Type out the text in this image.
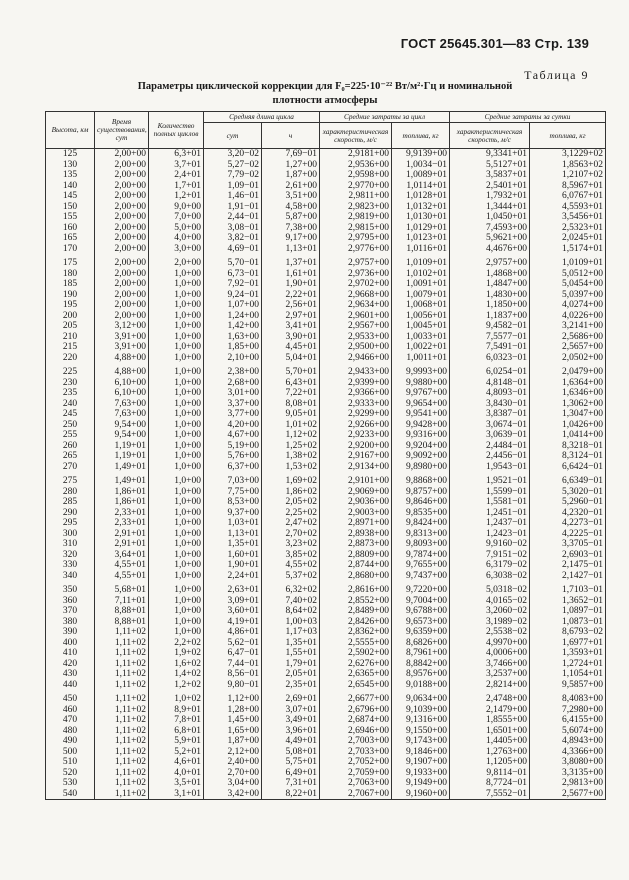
ГОСТ 25645.301—83 Стр. 139
Таблица 9
Параметры циклической коррекции для F₀=225·10⁻²² Вт/м²·Гц и номинальной
плотности атмосферы
Высота, км	Время существования, сут	Количество полных циклов	Средняя длина цикла		Средние затраты за цикл		Средние затраты за сутки	
			сут	ч	характеристическая скорость, м/с	топлива, кг	характеристическая скорость, м/с	топлива, кг
125	2,00+00	6,3+01	3,20−02	7,69−01	2,9181+00	9,9139+00	9,3341+01	3,1229+02
130	2,00+00	3,7+01	5,27−02	1,27+00	2,9536+00	1,0034−01	5,5127+01	1,8563+02
135	2,00+00	2,4+01	7,79−02	1,87+00	2,9598+00	1,0089+01	3,5837+01	1,2107+02
140	2,00+00	1,7+01	1,09−01	2,61+00	2,9770+00	1,0114+01	2,5401+01	8,5967+01
145	2,00+00	1,2+01	1,46−01	3,51+00	2,9811+00	1,0128+01	1,7932+01	6,0767+01
150	2,00+00	9,0+00	1,91−01	4,58+00	2,9823+00	1,0132+01	1,3444+01	4,5593+01
155	2,00+00	7,0+00	2,44−01	5,87+00	2,9819+00	1,0130+01	1,0450+01	3,5456+01
160	2,00+00	5,0+00	3,08−01	7,38+00	2,9815+00	1,0129+01	7,4593+00	2,5323+01
165	2,00+00	4,0+00	3,82−01	9,17+00	2,9795+00	1,0123+01	5,9621+00	2,0245+01
170	2,00+00	3,0+00	4,69−01	1,13+01	2,9776+00	1,0116+01	4,4676+00	1,5174+01
175	2,00+00	2,0+00	5,70−01	1,37+01	2,9757+00	1,0109+01	2,9757+00	1,0109+01
180	2,00+00	1,0+00	6,73−01	1,61+01	2,9736+00	1,0102+01	1,4868+00	5,0512+00
185	2,00+00	1,0+00	7,92−01	1,90+01	2,9702+00	1,0091+01	1,4847+00	5,0454+00
190	2,00+00	1,0+00	9,24−01	2,22+01	2,9668+00	1,0079+01	1,4830+00	5,0397+00
195	2,00+00	1,0+00	1,07+00	2,56+01	2,9634+00	1,0068+01	1,1850+00	4,0274+00
200	2,00+00	1,0+00	1,24+00	2,97+01	2,9601+00	1,0056+01	1,1837+00	4,0226+00
205	3,12+00	1,0+00	1,42+00	3,41+01	2,9567+00	1,0045+01	9,4582−01	3,2141+00
210	3,91+00	1,0+00	1,63+00	3,90+01	2,9533+00	1,0033+01	7,5577−01	2,5686+00
215	3,91+00	1,0+00	1,85+00	4,45+01	2,9500+00	1,0022+01	7,5491−01	2,5657+00
220	4,88+00	1,0+00	2,10+00	5,04+01	2,9466+00	1,0011+01	6,0323−01	2,0502+00
225	4,88+00	1,0+00	2,38+00	5,70+01	2,9433+00	9,9993+00	6,0254−01	2,0479+00
230	6,10+00	1,0+00	2,68+00	6,43+01	2,9399+00	9,9880+00	4,8148−01	1,6364+00
235	6,10+00	1,0+00	3,01+00	7,22+01	2,9366+00	9,9767+00	4,8093−01	1,6346+00
240	7,63+00	1,0+00	3,37+00	8,08+01	2,9333+00	9,9654+00	3,8430−01	1,3062+00
245	7,63+00	1,0+00	3,77+00	9,05+01	2,9299+00	9,9541+00	3,8387−01	1,3047+00
250	9,54+00	1,0+00	4,20+00	1,01+02	2,9266+00	9,9428+00	3,0674−01	1,0426+00
255	9,54+00	1,0+00	4,67+00	1,12+02	2,9233+00	9,9316+00	3,0639−01	1,0414+00
260	1,19+01	1,0+00	5,19+00	1,25+02	2,9200+00	9,9204+00	2,4484−01	8,3218−01
265	1,19+01	1,0+00	5,76+00	1,38+02	2,9167+00	9,9092+00	2,4456−01	8,3124−01
270	1,49+01	1,0+00	6,37+00	1,53+02	2,9134+00	9,8980+00	1,9543−01	6,6424−01
275	1,49+01	1,0+00	7,03+00	1,69+02	2,9101+00	9,8868+00	1,9521−01	6,6349−01
280	1,86+01	1,0+00	7,75+00	1,86+02	2,9069+00	9,8757+00	1,5599−01	5,3020−01
285	1,86+01	1,0+00	8,53+00	2,05+02	2,9036+00	9,8646+00	1,5581−01	5,2960−01
290	2,33+01	1,0+00	9,37+00	2,25+02	2,9003+00	9,8535+00	1,2451−01	4,2320−01
295	2,33+01	1,0+00	1,03+01	2,47+02	2,8971+00	9,8424+00	1,2437−01	4,2273−01
300	2,91+01	1,0+00	1,13+01	2,70+02	2,8938+00	9,8313+00	1,2423−01	4,2225−01
310	2,91+01	1,0+00	1,35+01	3,23+02	2,8873+00	9,8093+00	9,9160−02	3,3705−01
320	3,64+01	1,0+00	1,60+01	3,85+02	2,8809+00	9,7874+00	7,9151−02	2,6903−01
330	4,55+01	1,0+00	1,90+01	4,55+02	2,8744+00	9,7655+00	6,3179−02	2,1475−01
340	4,55+01	1,0+00	2,24+01	5,37+02	2,8680+00	9,7437+00	6,3038−02	2,1427−01
350	5,68+01	1,0+00	2,63+01	6,32+02	2,8616+00	9,7220+00	5,0318−02	1,7103−01
360	7,11+01	1,0+00	3,09+01	7,40+02	2,8552+00	9,7004+00	4,0165−02	1,3652−01
370	8,88+01	1,0+00	3,60+01	8,64+02	2,8489+00	9,6788+00	3,2060−02	1,0897−01
380	8,88+01	1,0+00	4,19+01	1,00+03	2,8426+00	9,6573+00	3,1989−02	1,0873−01
390	1,11+02	1,0+00	4,86+01	1,17+03	2,8362+00	9,6359+00	2,5538−02	8,6793−02
400	1,11+02	2,2+02	5,62−01	1,35+01	2,5555+00	8,6826+00	4,9970+00	1,6977+01
410	1,11+02	1,9+02	6,47−01	1,55+01	2,5902+00	8,7961+00	4,0006+00	1,3593+01
420	1,11+02	1,6+02	7,44−01	1,79+01	2,6276+00	8,8842+00	3,7466+00	1,2724+01
430	1,11+02	1,4+02	8,56−01	2,05+01	2,6365+00	8,9576+00	3,2537+00	1,1054+01
440	1,11+02	1,2+02	9,80−01	2,35+01	2,6545+00	9,0188+00	2,8214+00	9,5857+00
450	1,11+02	1,0+02	1,12+00	2,69+01	2,6677+00	9,0634+00	2,4748+00	8,4083+00
460	1,11+02	8,9+01	1,28+00	3,07+01	2,6796+00	9,1039+00	2,1479+00	7,2980+00
470	1,11+02	7,8+01	1,45+00	3,49+01	2,6874+00	9,1316+00	1,8555+00	6,4155+00
480	1,11+02	6,8+01	1,65+00	3,96+01	2,6946+00	9,1550+00	1,6501+00	5,6074+00
490	1,11+02	5,9+01	1,87+00	4,49+01	2,7003+00	9,1743+00	1,4405+00	4,8943+00
500	1,11+02	5,2+01	2,12+00	5,08+01	2,7033+00	9,1846+00	1,2763+00	4,3366+00
510	1,11+02	4,6+01	2,40+00	5,75+01	2,7052+00	9,1907+00	1,1205+00	3,8080+00
520	1,11+02	4,0+01	2,70+00	6,49+01	2,7059+00	9,1933+00	9,8114−01	3,3135+00
530	1,11+02	3,5+01	3,04+00	7,31+01	2,7063+00	9,1949+00	8,7724−01	2,9813+00
540	1,11+02	3,1+01	3,42+00	8,22+01	2,7067+00	9,1960+00	7,5552−01	2,5677+00
